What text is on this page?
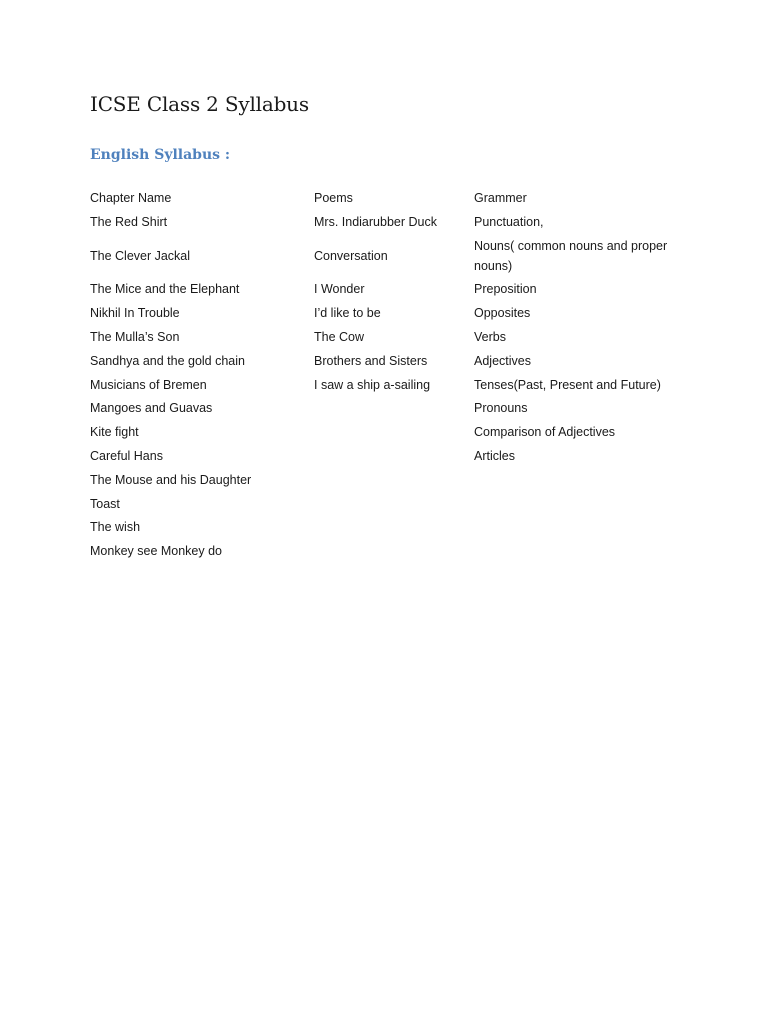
ICSE Class 2 Syllabus
English Syllabus :
Chapter Name	Poems	Grammer
The Red Shirt	Mrs. Indiarubber Duck	Punctuation,
The Clever Jackal	Conversation	Nouns( common nouns and proper nouns)
The Mice and the Elephant	I Wonder	Preposition
Nikhil In Trouble	I’d like to be	Opposites
The Mulla’s Son	The Cow	Verbs
Sandhya and the gold chain	Brothers and Sisters	Adjectives
Musicians of Bremen	I saw a ship a-sailing	Tenses(Past, Present and Future)
Mangoes and Guavas		Pronouns
Kite fight		Comparison of Adjectives
Careful Hans		Articles
The Mouse and his Daughter		
Toast		
The wish		
Monkey see Monkey do		
